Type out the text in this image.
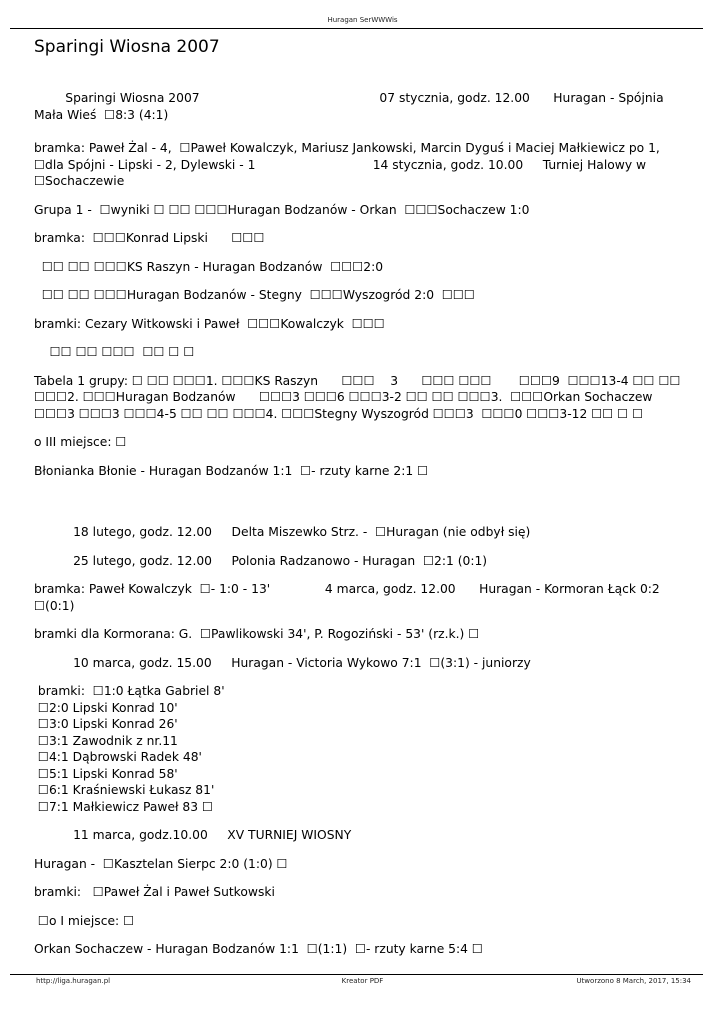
Huragan SerWWWis
Sparingi Wiosna 2007

Sparingi Wiosna 2007                                              07 stycznia, godz. 12.00      Huragan - Spójnia Mała Wieś  ☐8:3 (4:1)

bramka: Paweł Żal - 4,  ☐Paweł Kowalczyk, Mariusz Jankowski, Marcin Dyguś i Maciej Małkiewicz po 1,  ☐dla Spójni - Lipski - 2, Dylewski - 1                              14 stycznia, godz. 10.00     Turniej Halowy w  ☐Sochaczewie

Grupa 1 -  ☐wyniki ☐ ☐☐ ☐☐☐Huragan Bodzanów - Orkan  ☐☐☐Sochaczew 1:0

bramka:  ☐☐☐Konrad Lipski      ☐☐☐

☐☐ ☐☐ ☐☐☐KS Raszyn - Huragan Bodzanów  ☐☐☐2:0

☐☐ ☐☐ ☐☐☐Huragan Bodzanów - Stegny  ☐☐☐Wyszogród 2:0  ☐☐☐

bramki: Cezary Witkowski i Paweł  ☐☐☐Kowalczyk  ☐☐☐

☐☐ ☐☐ ☐☐☐  ☐☐ ☐ ☐

Tabela 1 grupy: ☐ ☐☐ ☐☐☐1. ☐☐☐KS Raszyn      ☐☐☐    3      ☐☐☐ ☐☐☐       ☐☐☐9  ☐☐☐13-4 ☐☐ ☐☐ ☐☐☐2. ☐☐☐Huragan Bodzanów      ☐☐☐3 ☐☐☐6 ☐☐☐3-2 ☐☐ ☐☐ ☐☐☐3.  ☐☐☐Orkan Sochaczew ☐☐☐3 ☐☐☐3 ☐☐☐4-5 ☐☐ ☐☐ ☐☐☐4. ☐☐☐Stegny Wyszogród ☐☐☐3  ☐☐☐0 ☐☐☐3-12 ☐☐ ☐ ☐

o III miejsce: ☐

Błonianka Błonie - Huragan Bodzanów 1:1  ☐- rzuty karne 2:1 ☐

18 lutego, godz. 12.00     Delta Miszewko Strz. -  ☐Huragan (nie odbył się)

25 lutego, godz. 12.00     Polonia Radzanowo - Huragan  ☐2:1 (0:1)

bramka: Paweł Kowalczyk  ☐- 1:0 - 13'              4 marca, godz. 12.00      Huragan - Kormoran Łąck 0:2  ☐(0:1)

bramki dla Kormorana: G.  ☐Pawlikowski 34', P. Rogoziński - 53' (rz.k.) ☐

10 marca, godz. 15.00     Huragan - Victoria Wykowo 7:1  ☐(3:1) - juniorzy

bramki:  ☐1:0 Łątka Gabriel 8'
☐2:0 Lipski Konrad 10'
☐3:0 Lipski Konrad 26'
☐3:1 Zawodnik z nr.11
☐4:1 Dąbrowski Radek 48'
☐5:1 Lipski Konrad 58'
☐6:1 Kraśniewski Łukasz 81'
☐7:1 Małkiewicz Paweł 83 ☐

11 marca, godz.10.00     XV TURNIEJ WIOSNY

Huragan -  ☐Kasztelan Sierpc 2:0 (1:0) ☐

bramki:   ☐Paweł Żal i Paweł Sutkowski

☐o I miejsce: ☐

Orkan Sochaczew - Huragan Bodzanów 1:1  ☐(1:1)  ☐- rzuty karne 5:4 ☐

http://liga.huragan.pl	Kreator PDF	Utworzono 8 March, 2017, 15:34
